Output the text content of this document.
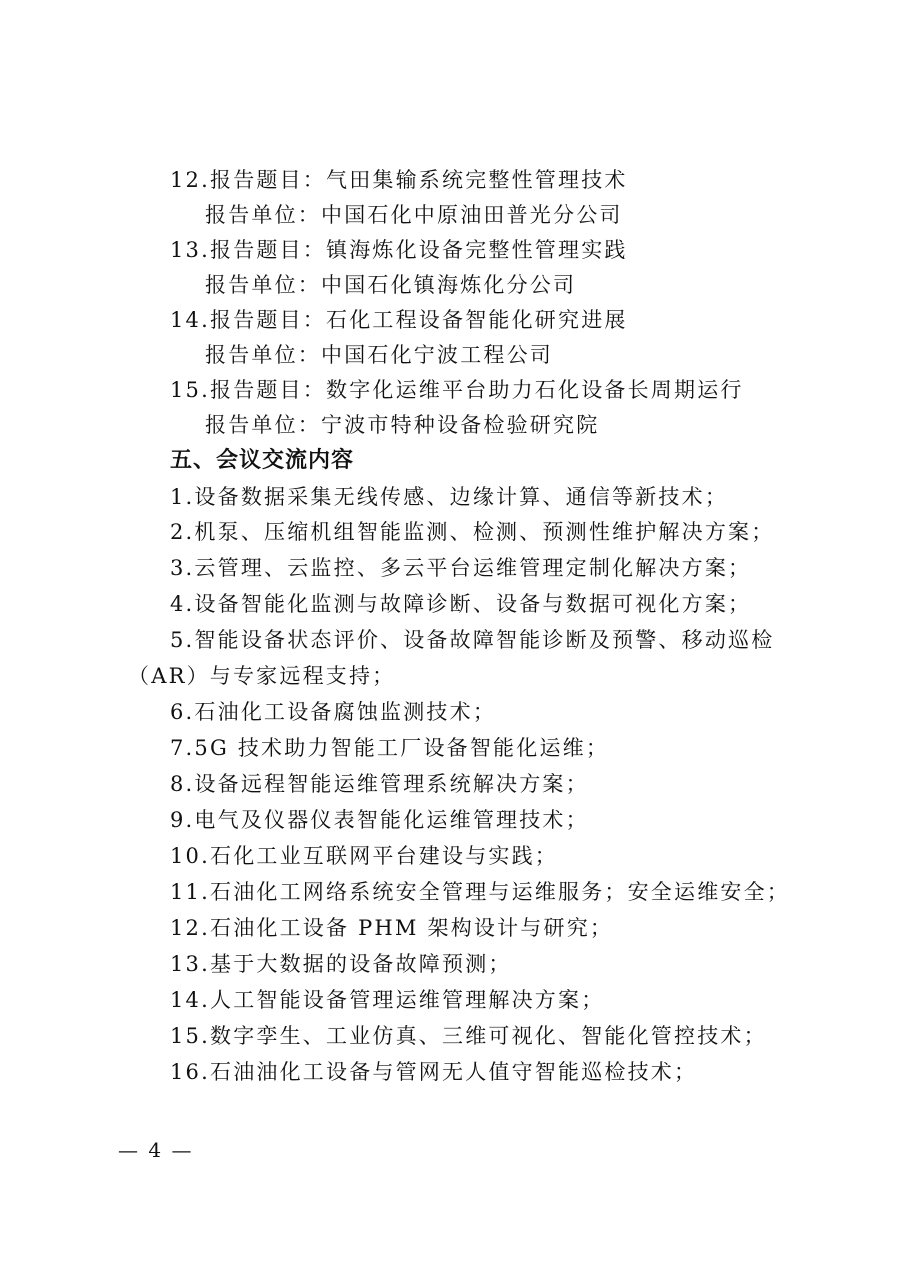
12.报告题目：气田集输系统完整性管理技术
报告单位：中国石化中原油田普光分公司
13.报告题目：镇海炼化设备完整性管理实践
报告单位：中国石化镇海炼化分公司
14.报告题目：石化工程设备智能化研究进展
报告单位：中国石化宁波工程公司
15.报告题目：数字化运维平台助力石化设备长周期运行
报告单位：宁波市特种设备检验研究院
五、会议交流内容
1.设备数据采集无线传感、边缘计算、通信等新技术；
2.机泵、压缩机组智能监测、检测、预测性维护解决方案；
3.云管理、云监控、多云平台运维管理定制化解决方案；
4.设备智能化监测与故障诊断、设备与数据可视化方案；
5.智能设备状态评价、设备故障智能诊断及预警、移动巡检
（AR）与专家远程支持；
6.石油化工设备腐蚀监测技术；
7.5G 技术助力智能工厂设备智能化运维；
8.设备远程智能运维管理系统解决方案；
9.电气及仪器仪表智能化运维管理技术；
10.石化工业互联网平台建设与实践；
11.石油化工网络系统安全管理与运维服务；安全运维安全；
12.石油化工设备 PHM 架构设计与研究；
13.基于大数据的设备故障预测；
14.人工智能设备管理运维管理解决方案；
15.数字孪生、工业仿真、三维可视化、智能化管控技术；
16.石油油化工设备与管网无人值守智能巡检技术；
— 4 —
